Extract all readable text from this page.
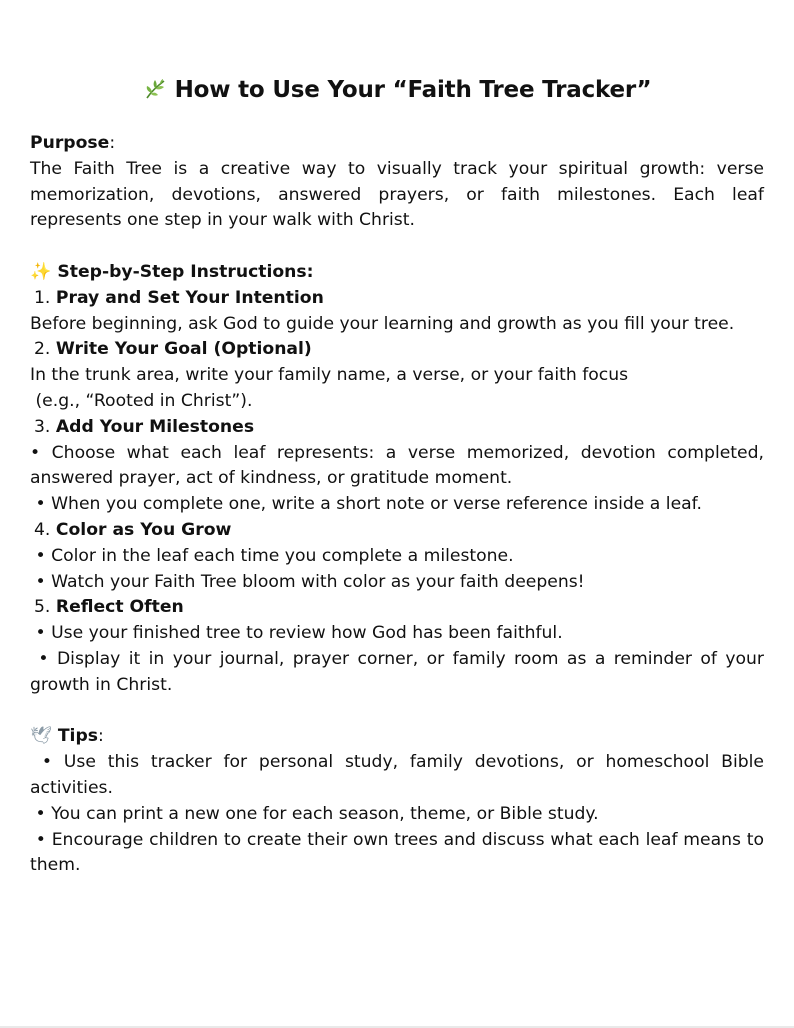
How to Use Your “Faith Tree Tracker”

Purpose:

The Faith Tree is a creative way to visually track your spiritual growth: verse memorization, devotions, answered prayers, or faith milestones. Each leaf represents one step in your walk with Christ.

✨ Step-by-Step Instructions:

1. Pray and Set Your Intention

Before beginning, ask God to guide your learning and growth as you fill your tree.

2. Write Your Goal (Optional)

In the trunk area, write your family name, a verse, or your faith focus

(e.g., “Rooted in Christ”).

3. Add Your Milestones

• Choose what each leaf represents: a verse memorized, devotion completed, answered prayer, act of kindness, or gratitude moment.

• When you complete one, write a short note or verse reference inside a leaf.

4. Color as You Grow

• Color in the leaf each time you complete a milestone.

• Watch your Faith Tree bloom with color as your faith deepens!

5. Reflect Often

• Use your finished tree to review how God has been faithful.

• Display it in your journal, prayer corner, or family room as a reminder of your growth in Christ.

🕊 Tips:

• Use this tracker for personal study, family devotions, or homeschool Bible activities.

• You can print a new one for each season, theme, or Bible study.

• Encourage children to create their own trees and discuss what each leaf means to them.
